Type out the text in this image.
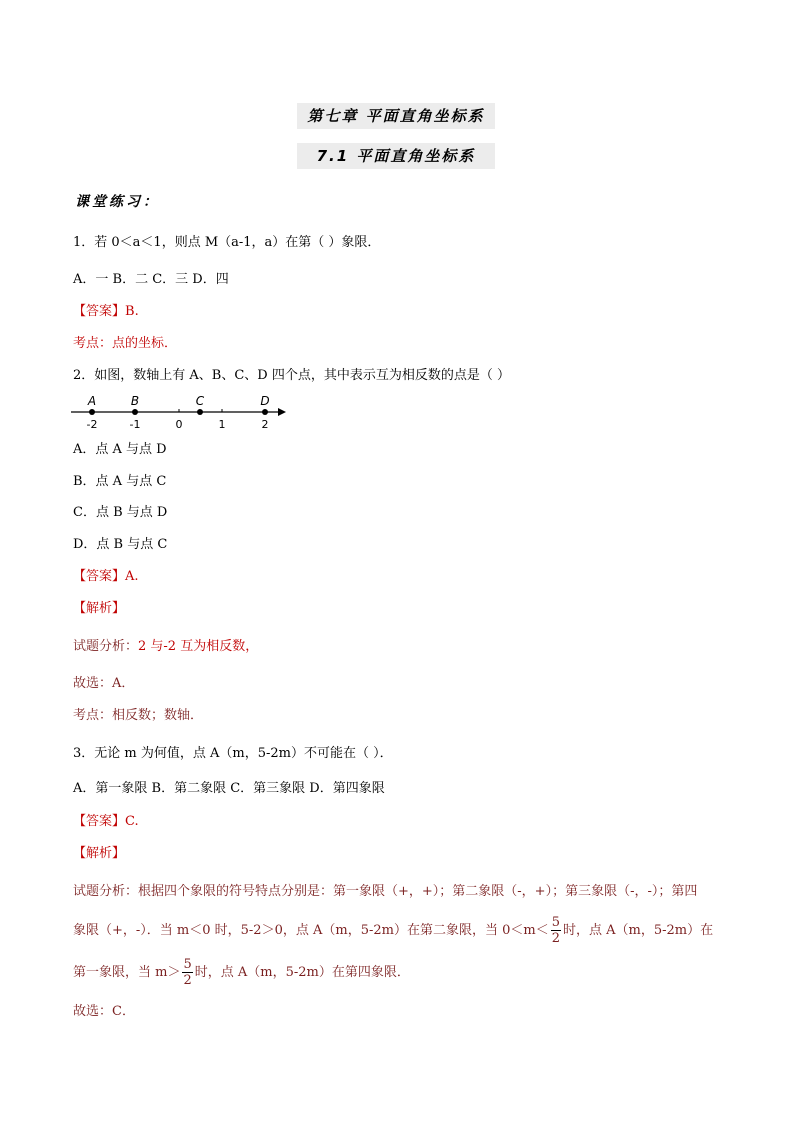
第七章 平面直角坐标系
7.1 平面直角坐标系
课堂练习：
1．若 0＜a＜1，则点 M（a-1，a）在第（ ）象限．
A．一 B．二 C．三 D．四
【答案】B.
考点：点的坐标．
2．如图，数轴上有 A、B、C、D 四个点，其中表示互为相反数的点是（ ）
-2	-1	0	1	2
A	B	C	D
A．点 A 与点 D
B．点 A 与点 C
C．点 B 与点 D
D．点 B 与点 C
【答案】A.
【解析】
试题分析：2 与-2 互为相反数，
故选：A．
考点：相反数；数轴．
3．无论 m 为何值，点 A（m，5-2m）不可能在（ ）．
A．第一象限 B．第二象限 C．第三象限 D．第四象限
【答案】C.
【解析】
试题分析：根据四个象限的符号特点分别是：第一象限（+，+）；第二象限（-，+）；第三象限（-，-）；第四
象限（+，-）．当 m＜0 时，5-2＞0，点 A（m，5-2m）在第二象限，当 $0<m< \frac{5}{2}$ 时，点 A（m，5-2m）在
第一象限，当 $m> \frac{5}{2}$ 时，点 A（m，5-2m）在第四象限．
故选：C．
